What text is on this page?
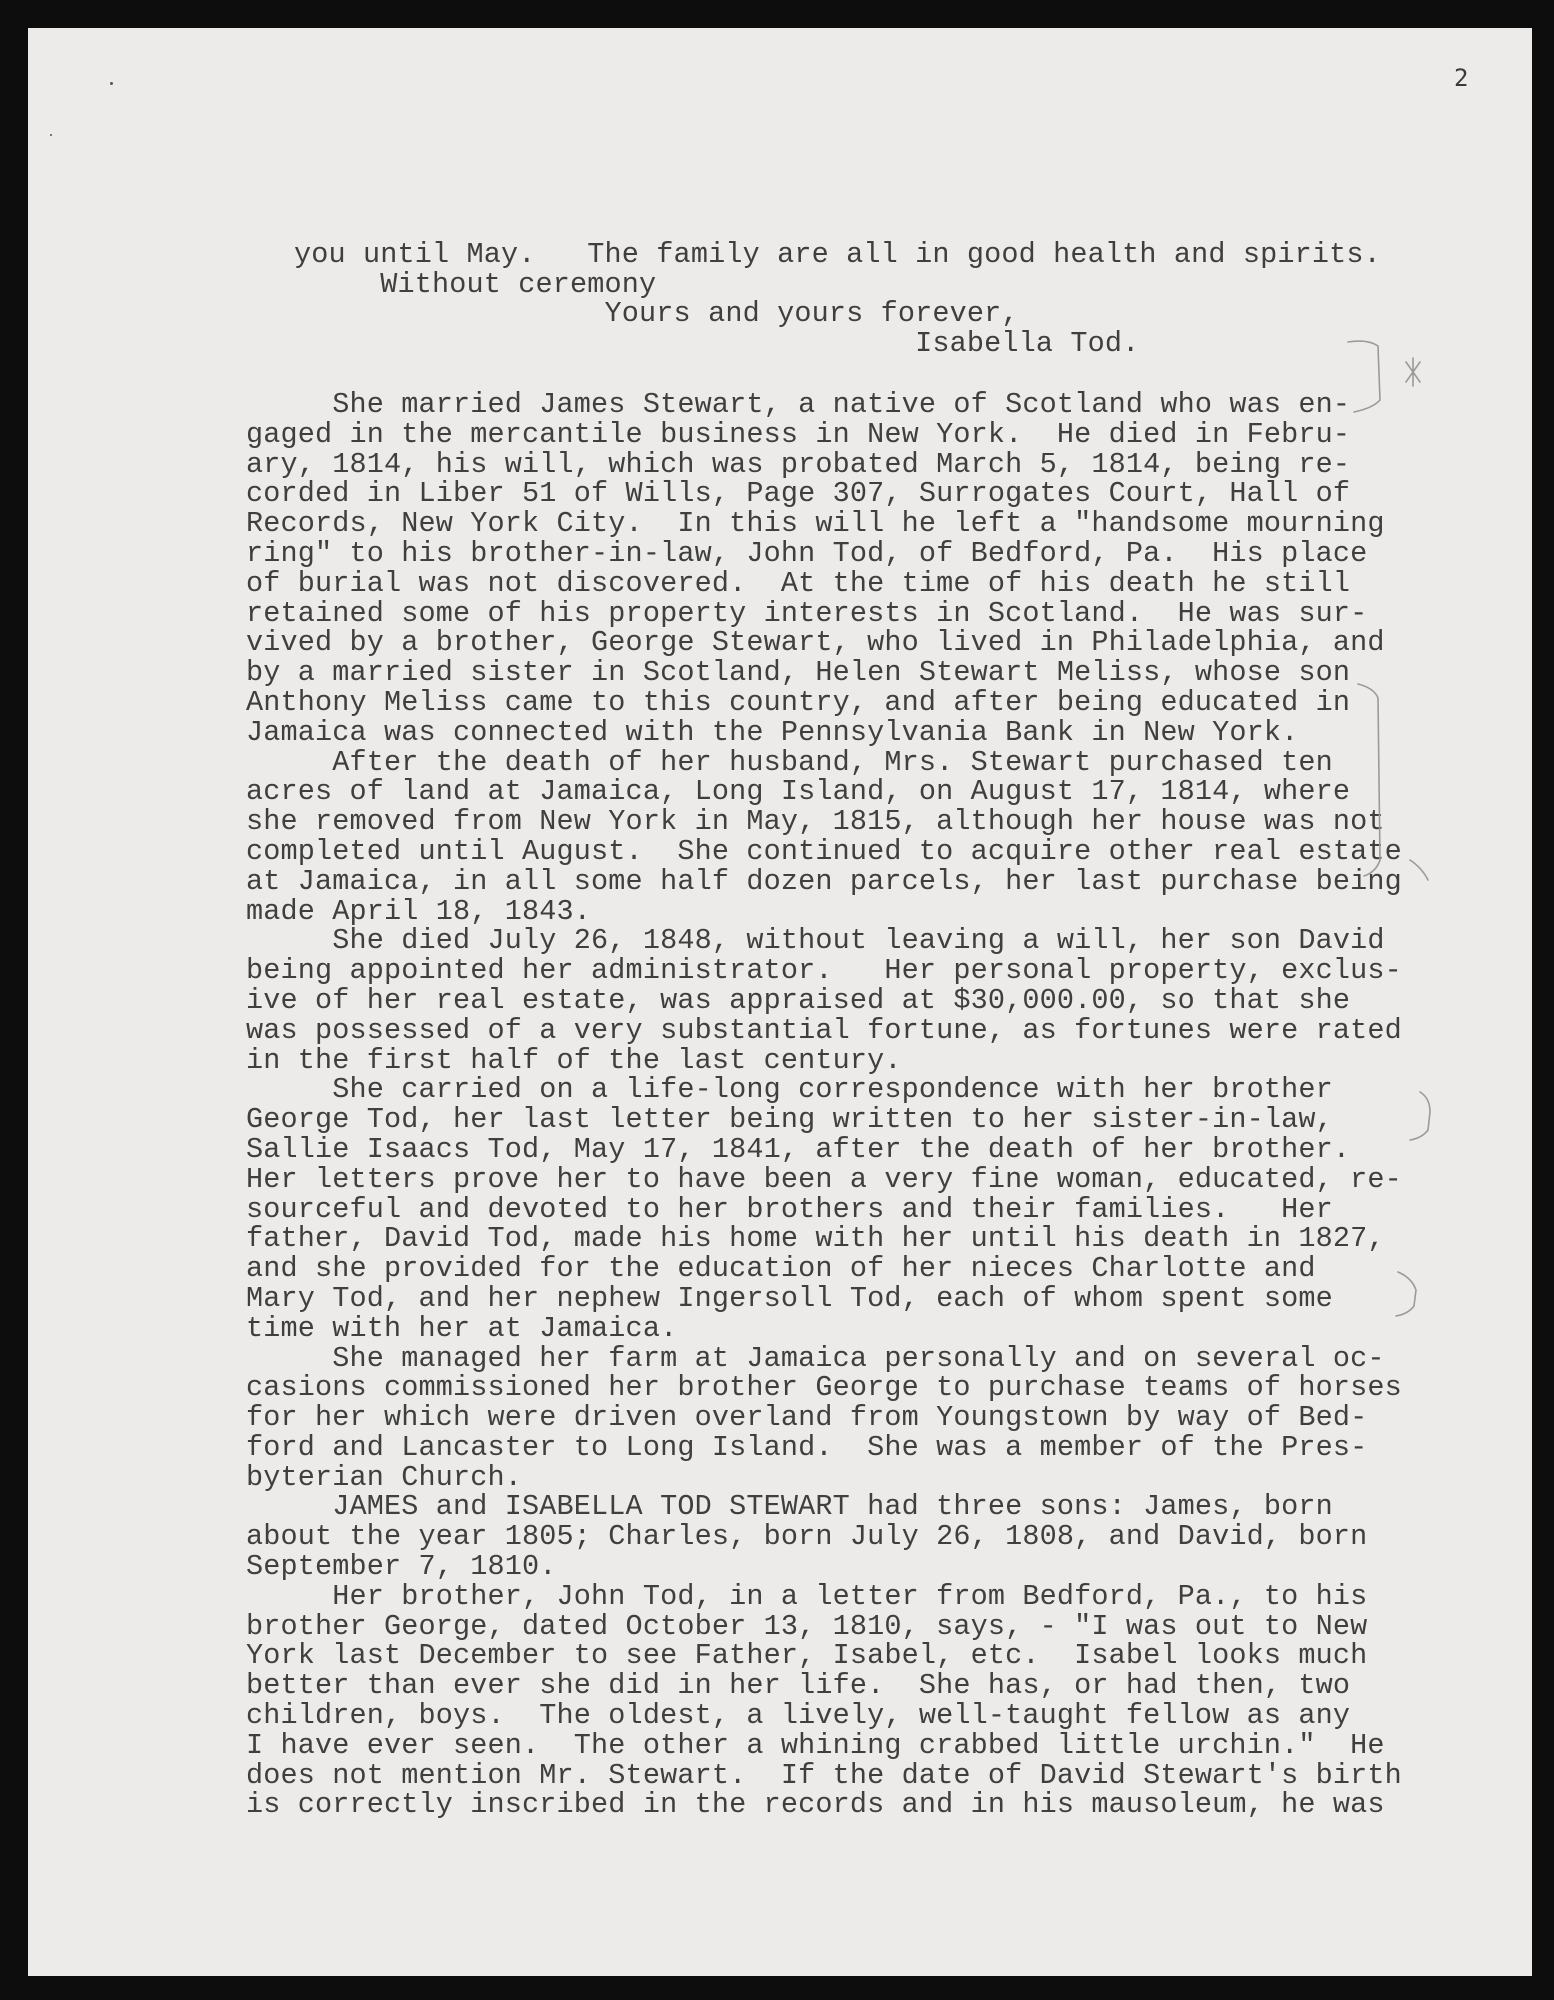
2
you until May.   The family are all in good health and spirits.
Without ceremony
Yours and yours forever,
Isabella Tod.
She married James Stewart, a native of Scotland who was en-
gaged in the mercantile business in New York.  He died in Febru-
ary, 1814, his will, which was probated March 5, 1814, being re-
corded in Liber 51 of Wills, Page 307, Surrogates Court, Hall of
Records, New York City.  In this will he left a "handsome mourning
ring" to his brother-in-law, John Tod, of Bedford, Pa.  His place
of burial was not discovered.  At the time of his death he still
retained some of his property interests in Scotland.  He was sur-
vived by a brother, George Stewart, who lived in Philadelphia, and
by a married sister in Scotland, Helen Stewart Meliss, whose son
Anthony Meliss came to this country, and after being educated in
Jamaica was connected with the Pennsylvania Bank in New York.
After the death of her husband, Mrs. Stewart purchased ten
acres of land at Jamaica, Long Island, on August 17, 1814, where
she removed from New York in May, 1815, although her house was not
completed until August.  She continued to acquire other real estate
at Jamaica, in all some half dozen parcels, her last purchase being
made April 18, 1843.
She died July 26, 1848, without leaving a will, her son David
being appointed her administrator.   Her personal property, exclus-
ive of her real estate, was appraised at $30,000.00, so that she
was possessed of a very substantial fortune, as fortunes were rated
in the first half of the last century.
She carried on a life-long correspondence with her brother
George Tod, her last letter being written to her sister-in-law,
Sallie Isaacs Tod, May 17, 1841, after the death of her brother.
Her letters prove her to have been a very fine woman, educated, re-
sourceful and devoted to her brothers and their families.   Her
father, David Tod, made his home with her until his death in 1827,
and she provided for the education of her nieces Charlotte and
Mary Tod, and her nephew Ingersoll Tod, each of whom spent some
time with her at Jamaica.
She managed her farm at Jamaica personally and on several oc-
casions commissioned her brother George to purchase teams of horses
for her which were driven overland from Youngstown by way of Bed-
ford and Lancaster to Long Island.  She was a member of the Pres-
byterian Church.
JAMES and ISABELLA TOD STEWART had three sons: James, born
about the year 1805; Charles, born July 26, 1808, and David, born
September 7, 1810.
Her brother, John Tod, in a letter from Bedford, Pa., to his
brother George, dated October 13, 1810, says, - "I was out to New
York last December to see Father, Isabel, etc.  Isabel looks much
better than ever she did in her life.  She has, or had then, two
children, boys.  The oldest, a lively, well-taught fellow as any
I have ever seen.  The other a whining crabbed little urchin."  He
does not mention Mr. Stewart.  If the date of David Stewart's birth
is correctly inscribed in the records and in his mausoleum, he was
